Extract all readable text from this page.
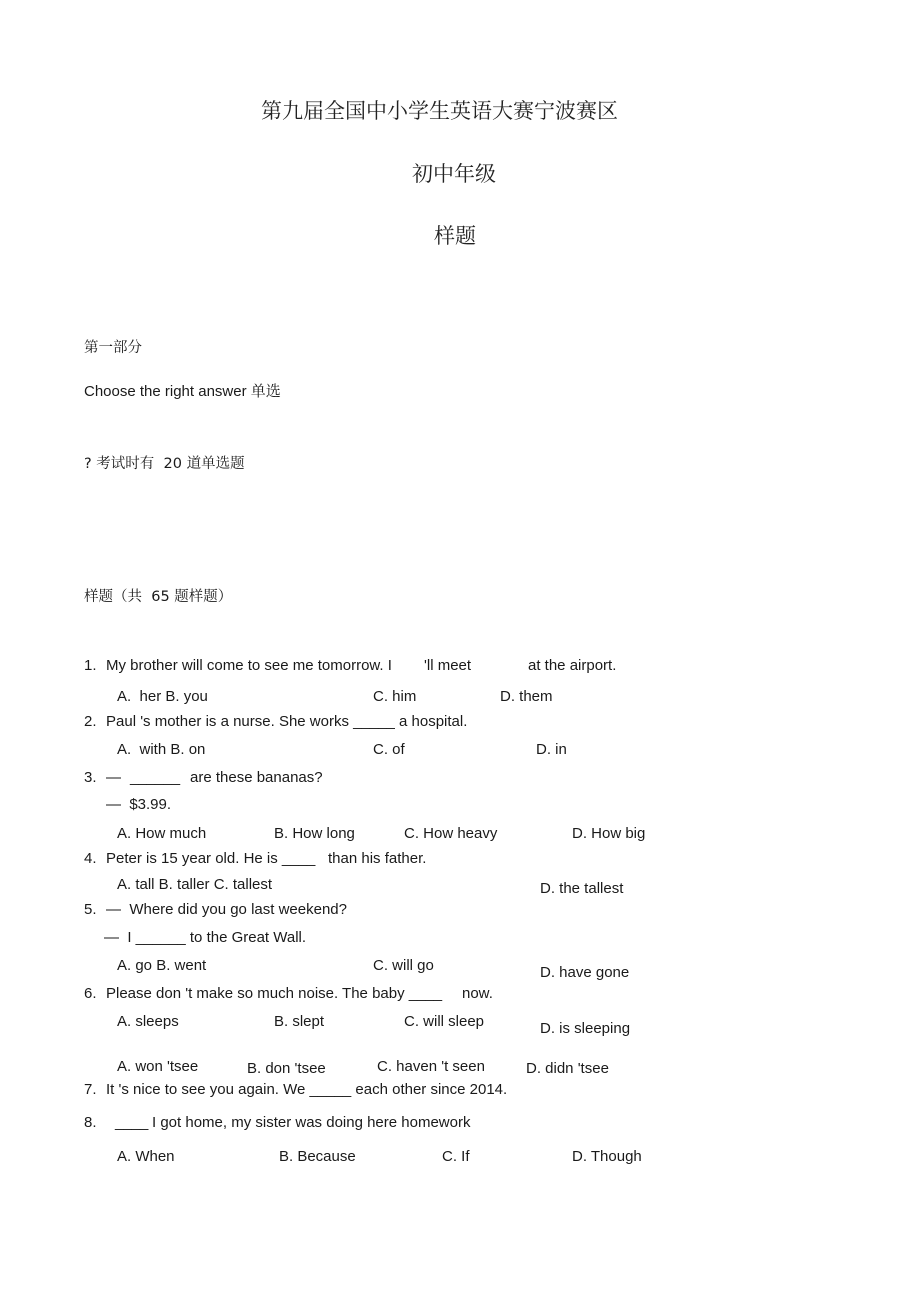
第九届全国中小学生英语大赛宁波赛区
初中年级
样题
第一部分
Choose the right answer 单选
? 考试时有  20 道单选题
样题（共  65 题样题）
1. My brother will come to see me tomorrow. I 'll meet	at the airport.
A.  her B. you	C. him	D. them
2. Paul 's mother is a nurse. She works _____ a hospital.
A.  with B. on	C. of	D. in
3. — ______ are these bananas?
—  $3.99.
A. How much	B. How long	C. How heavy	D. How big
4. Peter is 15 year old. He is ____ than his father.
A. tall B. taller C. tallest	D. the tallest
5. —  Where did you go last weekend?
—  I ______ to the Great Wall.
A. go B. went	C. will go	D. have gone
6. Please don 't make so much noise. The baby ____ now.
A. sleeps	B. slept	C. will sleep	D. is sleeping
A. won 'tsee	B. don 'tsee	C. haven 't seen	D. didn 'tsee
7. It 's nice to see you again. We _____ each other since 2014.
8. ____ I got home, my sister was doing here homework
A. When	B. Because	C. If	D. Though
